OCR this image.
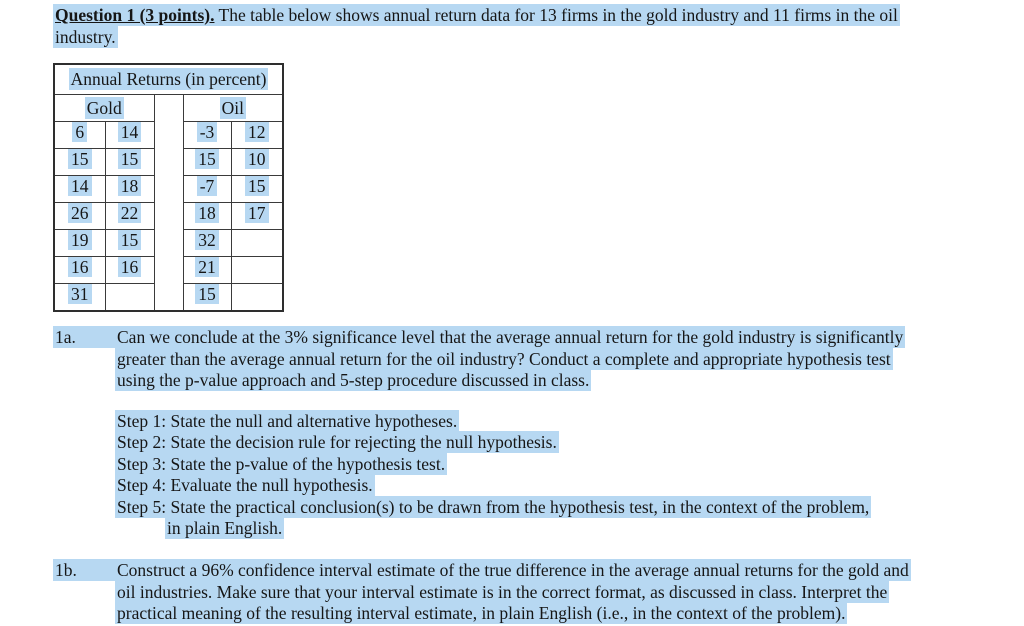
Question 1 (3 points). The table below shows annual return data for 13 firms in the gold industry and 11 firms in the oil
industry.
Annual Returns (in percent)				
Gold			Oil	
6	14		-3	12
15	15		15	10
14	18		-7	15
26	22		18	17
19	15		32	
16	16		21	
31			15	
1a. Can we conclude at the 3% significance level that the average annual return for the gold industry is significantly
greater than the average annual return for the oil industry? Conduct a complete and appropriate hypothesis test
using the p-value approach and 5-step procedure discussed in class.
Step 1: State the null and alternative hypotheses.
Step 2: State the decision rule for rejecting the null hypothesis.
Step 3: State the p-value of the hypothesis test.
Step 4: Evaluate the null hypothesis.
Step 5: State the practical conclusion(s) to be drawn from the hypothesis test, in the context of the problem,
in plain English.
1b. Construct a 96% confidence interval estimate of the true difference in the average annual returns for the gold and
oil industries. Make sure that your interval estimate is in the correct format, as discussed in class. Interpret the
practical meaning of the resulting interval estimate, in plain English (i.e., in the context of the problem).
